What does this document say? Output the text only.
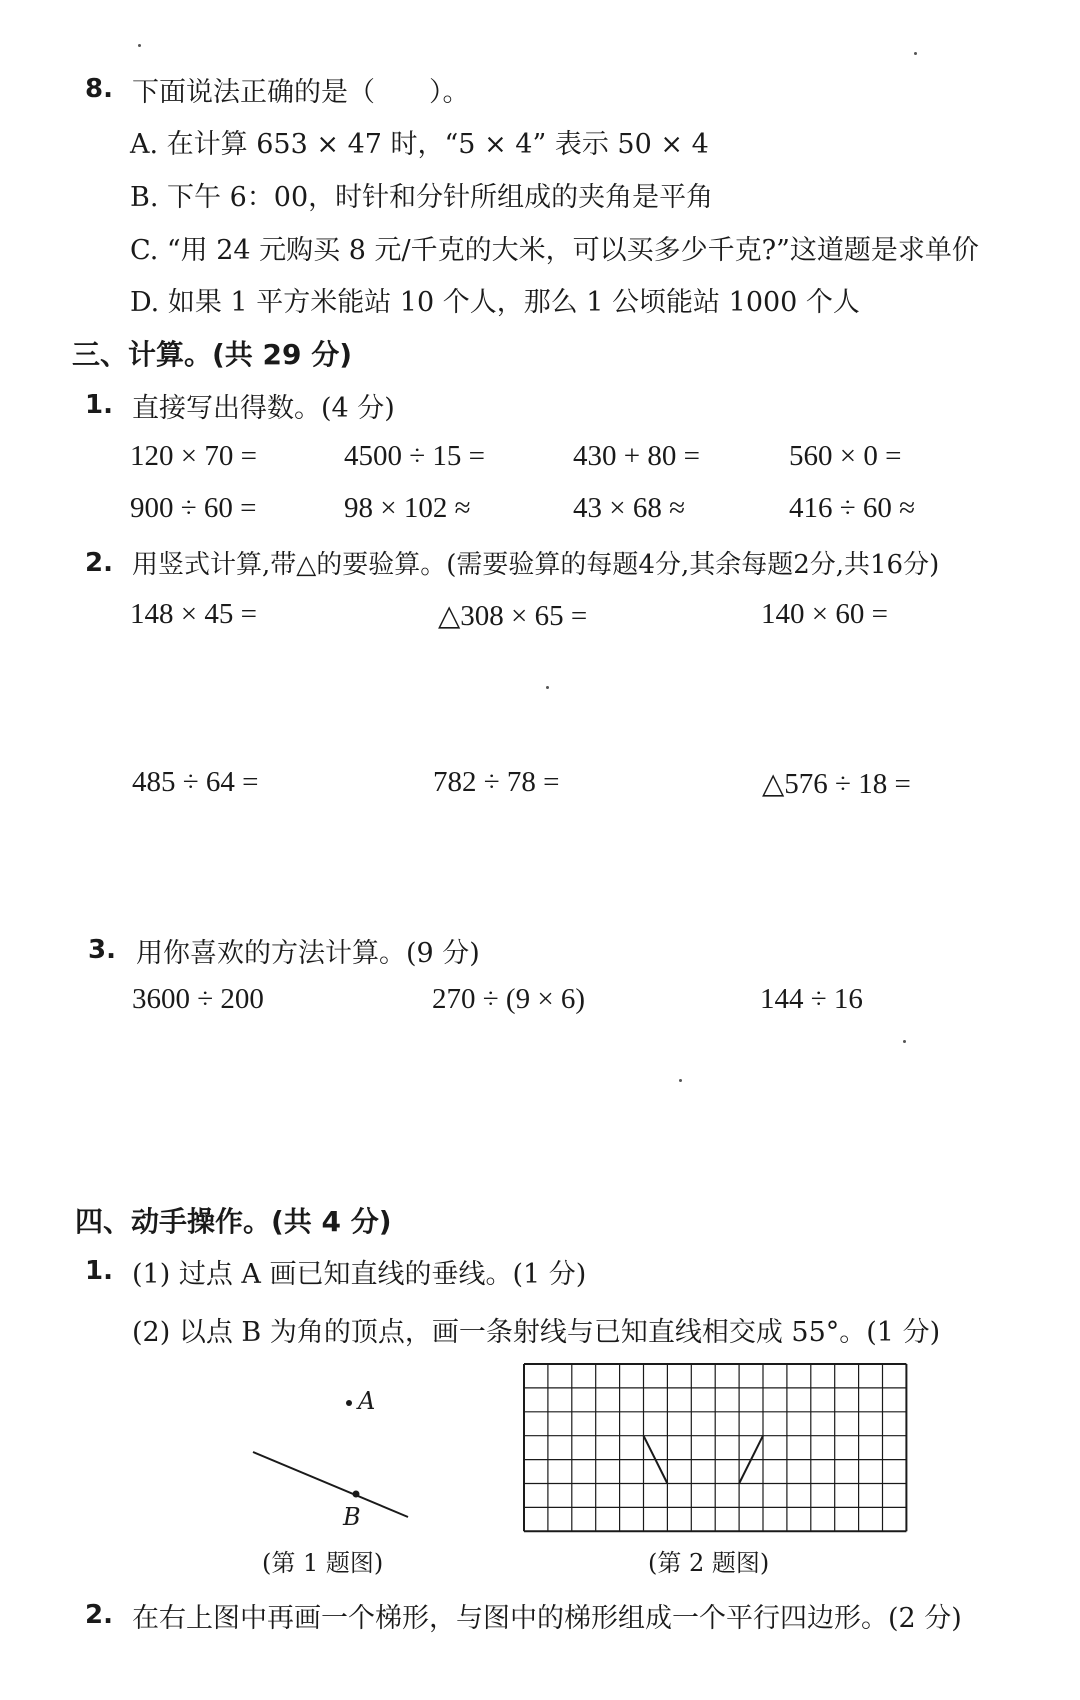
8. 下面说法正确的是（　　）。
A. 在计算 653 × 47 时，“5 × 4” 表示 50 × 4
B. 下午 6：00，时针和分针所组成的夹角是平角
C. “用 24 元购买 8 元/千克的大米，可以买多少千克?”这道题是求单价
D. 如果 1 平方米能站 10 个人，那么 1 公顷能站 1000 个人
三、计算。(共 29 分)
1. 直接写出得数。(4 分)
120 × 70 =	4500 ÷ 15 =	430 + 80 =	560 × 0 =
900 ÷ 60 =	98 × 102 ≈	43 × 68 ≈	416 ÷ 60 ≈
2. 用竖式计算,带△的要验算。(需要验算的每题4分,其余每题2分,共16分)
148 × 45 =	△308 × 65 =	140 × 60 =
485 ÷ 64 =	782 ÷ 78 =	△576 ÷ 18 =
3. 用你喜欢的方法计算。(9 分)
3600 ÷ 200	270 ÷ (9 × 6)	144 ÷ 16
四、动手操作。(共 4 分)
1. (1) 过点 A 画已知直线的垂线。(1 分)
(2) 以点 B 为角的顶点，画一条射线与已知直线相交成 55°。(1 分)
A
B
(第 1 题图)	(第 2 题图)
2. 在右上图中再画一个梯形，与图中的梯形组成一个平行四边形。(2 分)
